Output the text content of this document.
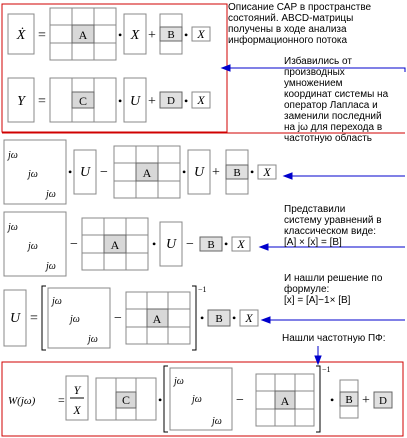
Ẋ =	A	• X + B • X
Y =	C	• U + D • X
jω
jω
jω
• U −	A	• U + B • X
jω
jω
jω
−	A	• U − B • X
U =
jω
jω
jω
−	A
−1
• B • X
W(jω) =
Y
X
C •
jω
jω
jω
−	A
−1
• B + D
Описание САР в пространстве
состояний. ABCD-матрицы
получены в ходе анализа
информационного потока
Избавились от
производных
умножением
координат системы на
оператор Лапласа и
заменили последний
на jω для перехода в
частотную область
Представили
систему уравнений в
классическом виде:
[A] × [x] = [B]
И нашли решение по
формуле:
[x] = [A]−1× [B]
Нашли частотную ПФ:
